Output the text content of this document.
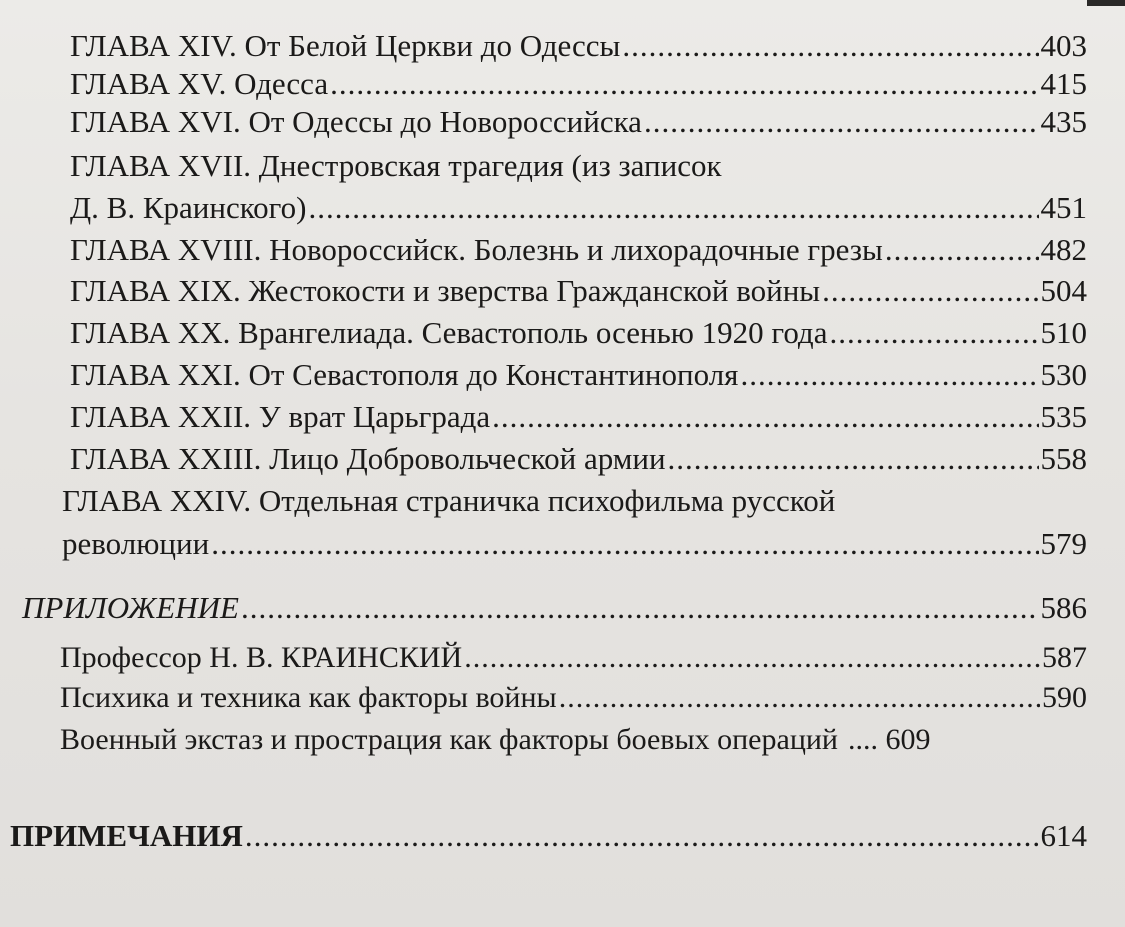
ГЛАВА XIV. От Белой Церкви до Одессы .....	403
ГЛАВА XV. Одесса .....	415
ГЛАВА XVI. От Одессы до Новороссийска .....	435
ГЛАВА XVII. Днестровская трагедия (из записок
Д. В. Краинского) .....	451
ГЛАВА XVIII. Новороссийск. Болезнь и лихорадочные грезы .....	482
ГЛАВА XIX. Жестокости и зверства Гражданской войны .....	504
ГЛАВА XX. Врангелиада. Севастополь осенью 1920 года .....	510
ГЛАВА XXI. От Севастополя до Константинополя .....	530
ГЛАВА XXII. У врат Царьграда .....	535
ГЛАВА XXIII. Лицо Добровольческой армии .....	558
ГЛАВА XXIV. Отдельная страничка психофильма русской
революции .....	579
ПРИЛОЖЕНИЕ .....	586
Профессор Н. В. КРАИНСКИЙ .....	587
Психика и техника как факторы войны .....	590
Военный экстаз и прострация как факторы боевых операций .... 609
ПРИМЕЧАНИЯ .....	614
